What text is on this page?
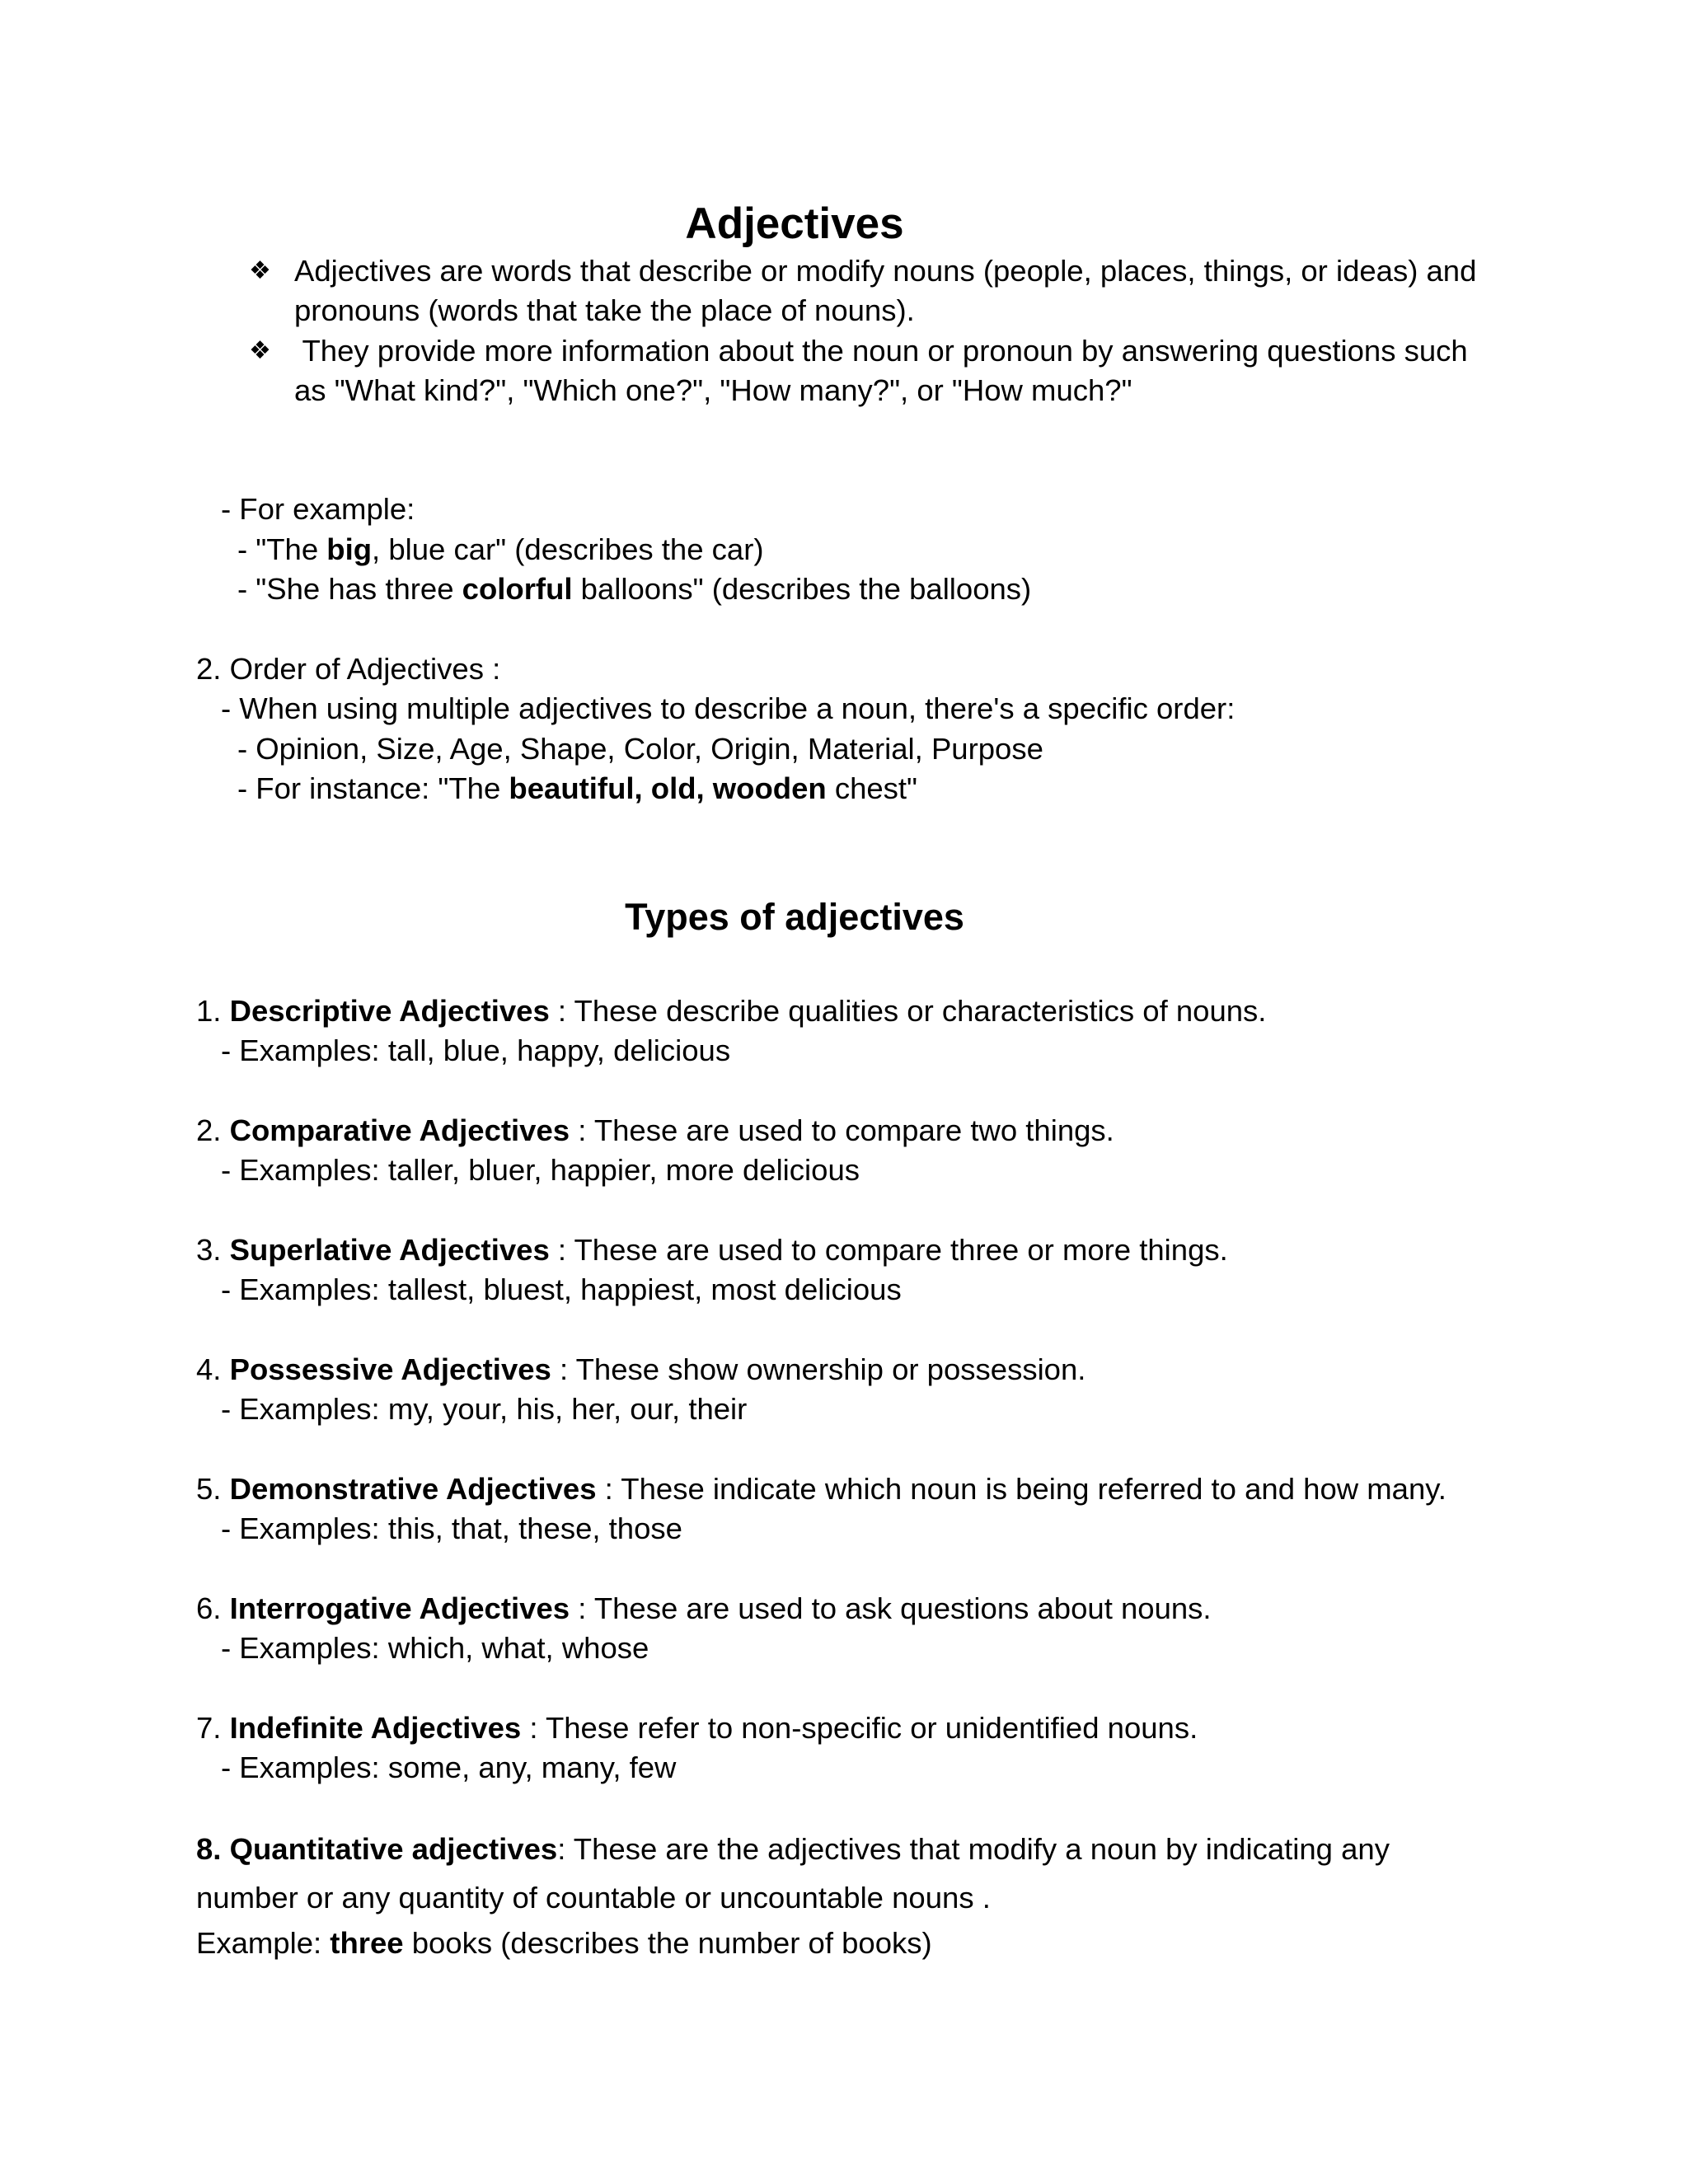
Adjectives
❖ Adjectives are words that describe or modify nouns (people, places, things, or ideas) and
pronouns (words that take the place of nouns).
❖ They provide more information about the noun or pronoun by answering questions such
as "What kind?", "Which one?", "How many?", or "How much?"
- For example:
- "The big, blue car" (describes the car)
- "She has three colorful balloons" (describes the balloons)
2. Order of Adjectives :
- When using multiple adjectives to describe a noun, there's a specific order:
- Opinion, Size, Age, Shape, Color, Origin, Material, Purpose
- For instance: "The beautiful, old, wooden chest"
Types of adjectives
1. Descriptive Adjectives : These describe qualities or characteristics of nouns.
- Examples: tall, blue, happy, delicious
2. Comparative Adjectives : These are used to compare two things.
- Examples: taller, bluer, happier, more delicious
3. Superlative Adjectives : These are used to compare three or more things.
- Examples: tallest, bluest, happiest, most delicious
4. Possessive Adjectives : These show ownership or possession.
- Examples: my, your, his, her, our, their
5. Demonstrative Adjectives : These indicate which noun is being referred to and how many.
- Examples: this, that, these, those
6. Interrogative Adjectives : These are used to ask questions about nouns.
- Examples: which, what, whose
7. Indefinite Adjectives : These refer to non-specific or unidentified nouns.
- Examples: some, any, many, few
8. Quantitative adjectives: These are the adjectives that modify a noun by indicating any
number or any quantity of countable or uncountable nouns .
Example: three books (describes the number of books)
